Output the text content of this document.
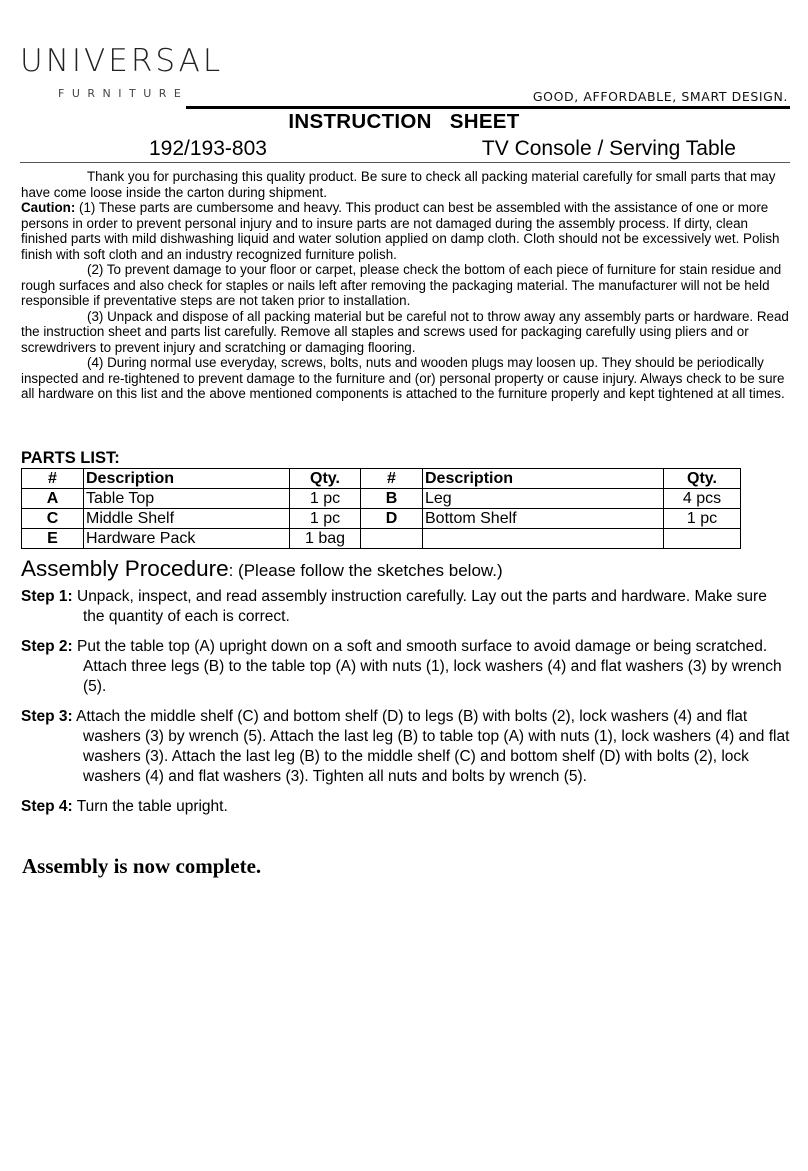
UNIVERSAL
FURNITURE	GOOD, AFFORDABLE, SMART DESIGN.
INSTRUCTION   SHEET
192/193-803	TV Console / Serving Table

Thank you for purchasing this quality product. Be sure to check all packing material carefully for small parts that may have come loose inside the carton during shipment.

Caution: (1) These parts are cumbersome and heavy. This product can best be assembled with the assistance of one or more persons in order to prevent personal injury and to insure parts are not damaged during the assembly process. If dirty, clean finished parts with mild dishwashing liquid and water solution applied on damp cloth. Cloth should not be excessively wet. Polish finish with soft cloth and an industry recognized furniture polish.

(2) To prevent damage to your floor or carpet, please check the bottom of each piece of furniture for stain residue and rough surfaces and also check for staples or nails left after removing the packaging material. The manufacturer will not be held responsible if preventative steps are not taken prior to installation.

(3) Unpack and dispose of all packing material but be careful not to throw away any assembly parts or hardware. Read the instruction sheet and parts list carefully. Remove all staples and screws used for packaging carefully using pliers and or screwdrivers to prevent injury and scratching or damaging flooring.

(4) During normal use everyday, screws, bolts, nuts and wooden plugs may loosen up. They should be periodically inspected and re-tightened to prevent damage to the furniture and (or) personal property or cause injury. Always check to be sure all hardware on this list and the above mentioned components is attached to the furniture properly and kept tightened at all times.

PARTS LIST:
#	Description	Qty.	#	Description	Qty.
A	Table Top	1 pc	B	Leg	4 pcs
C	Middle Shelf	1 pc	D	Bottom Shelf	1 pc
E	Hardware Pack	1 bag			
Assembly Procedure: (Please follow the sketches below.)

Step 1: Unpack, inspect, and read assembly instruction carefully. Lay out the parts and hardware. Make sure the quantity of each is correct.

Step 2: Put the table top (A) upright down on a soft and smooth surface to avoid damage or being scratched. Attach three legs (B) to the table top (A) with nuts (1), lock washers (4) and flat washers (3) by wrench (5).

Step 3: Attach the middle shelf (C) and bottom shelf (D) to legs (B) with bolts (2), lock washers (4) and flat washers (3) by wrench (5). Attach the last leg (B) to table top (A) with nuts (1), lock washers (4) and flat washers (3). Attach the last leg (B) to the middle shelf (C) and bottom shelf (D) with bolts (2), lock washers (4) and flat washers (3). Tighten all nuts and bolts by wrench (5).

Step 4: Turn the table upright.

Assembly is now complete.
